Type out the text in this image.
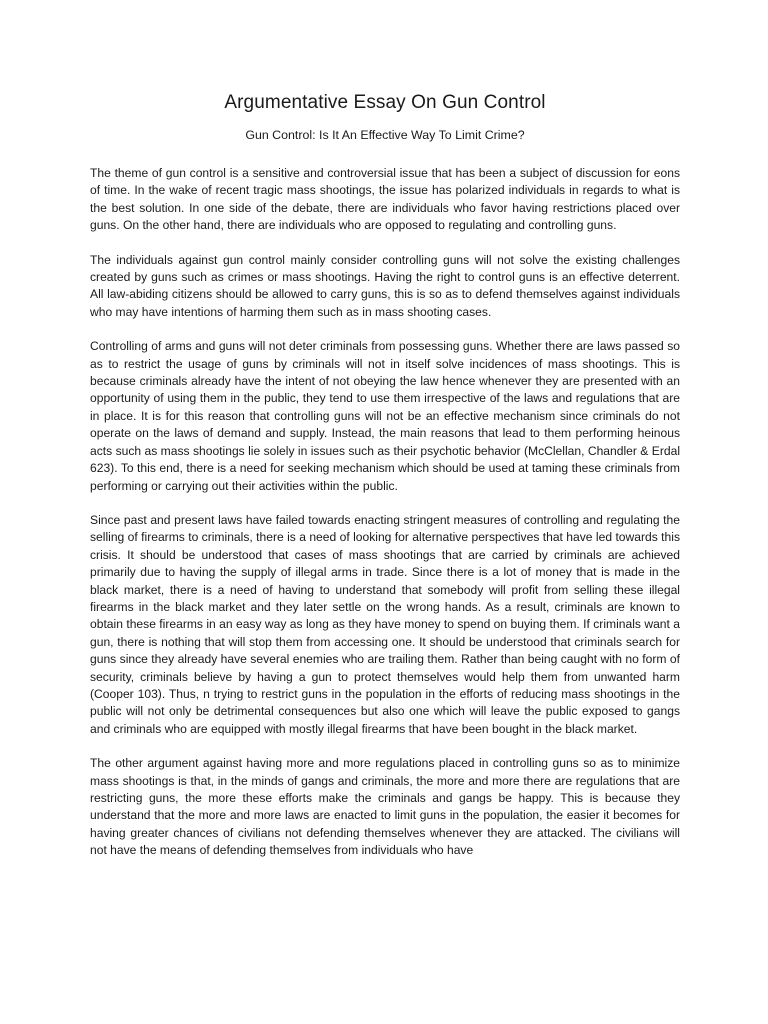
Argumentative Essay On Gun Control
Gun Control: Is It An Effective Way To Limit Crime?

The theme of gun control is a sensitive and controversial issue that has been a subject of discussion for eons of time. In the wake of recent tragic mass shootings, the issue has polarized individuals in regards to what is the best solution. In one side of the debate, there are individuals who favor having restrictions placed over guns. On the other hand, there are individuals who are opposed to regulating and controlling guns.

The individuals against gun control mainly consider controlling guns will not solve the existing challenges created by guns such as crimes or mass shootings. Having the right to control guns is an effective deterrent. All law-abiding citizens should be allowed to carry guns, this is so as to defend themselves against individuals who may have intentions of harming them such as in mass shooting cases.

Controlling of arms and guns will not deter criminals from possessing guns. Whether there are laws passed so as to restrict the usage of guns by criminals will not in itself solve incidences of mass shootings. This is because criminals already have the intent of not obeying the law hence whenever they are presented with an opportunity of using them in the public, they tend to use them irrespective of the laws and regulations that are in place. It is for this reason that controlling guns will not be an effective mechanism since criminals do not operate on the laws of demand and supply. Instead, the main reasons that lead to them performing heinous acts such as mass shootings lie solely in issues such as their psychotic behavior (McClellan, Chandler & Erdal 623). To this end, there is a need for seeking mechanism which should be used at taming these criminals from performing or carrying out their activities within the public.

Since past and present laws have failed towards enacting stringent measures of controlling and regulating the selling of firearms to criminals, there is a need of looking for alternative perspectives that have led towards this crisis. It should be understood that cases of mass shootings that are carried by criminals are achieved primarily due to having the supply of illegal arms in trade. Since there is a lot of money that is made in the black market, there is a need of having to understand that somebody will profit from selling these illegal firearms in the black market and they later settle on the wrong hands. As a result, criminals are known to obtain these firearms in an easy way as long as they have money to spend on buying them. If criminals want a gun, there is nothing that will stop them from accessing one. It should be understood that criminals search for guns since they already have several enemies who are trailing them. Rather than being caught with no form of security, criminals believe by having a gun to protect themselves would help them from unwanted harm (Cooper 103). Thus, n trying to restrict guns in the population in the efforts of reducing mass shootings in the public will not only be detrimental consequences but also one which will leave the public exposed to gangs and criminals who are equipped with mostly illegal firearms that have been bought in the black market.

The other argument against having more and more regulations placed in controlling guns so as to minimize mass shootings is that, in the minds of gangs and criminals, the more and more there are regulations that are restricting guns, the more these efforts make the criminals and gangs be happy. This is because they understand that the more and more laws are enacted to limit guns in the population, the easier it becomes for having greater chances of civilians not defending themselves whenever they are attacked. The civilians will not have the means of defending themselves from individuals who have
